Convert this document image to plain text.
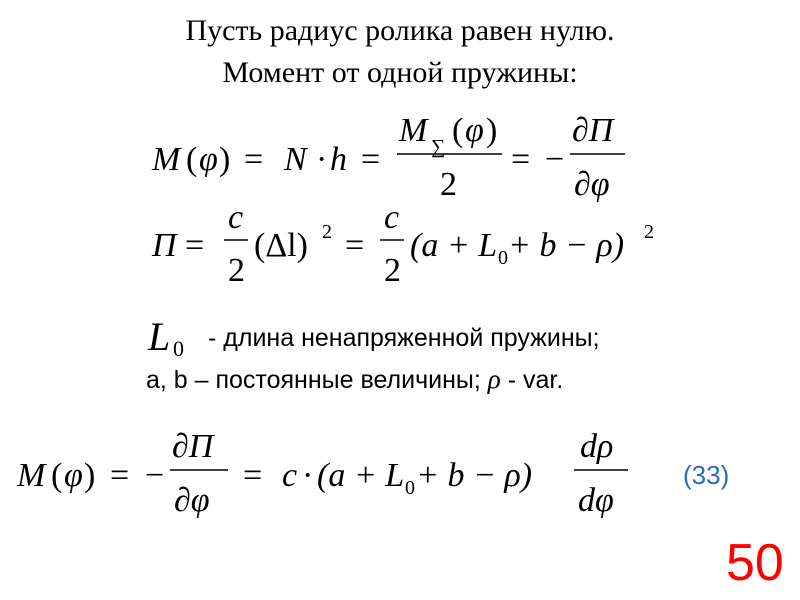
Пусть радиус ролика равен нулю.
Момент от одной пружины:
M ( φ ) = N · h =
M ∑ ( φ )
2
= −
∂П
∂φ
П =
c
2
(Δl) 2 =
c
2
(a + L 0 + b − ρ) 2
L 0 - длина ненапряженной пружины;
a, b – постоянные величины; ρ - var.
M ( φ ) = −
∂П
∂φ
= c · (a + L 0 + b − ρ)
dρ
dφ
(33)
50
